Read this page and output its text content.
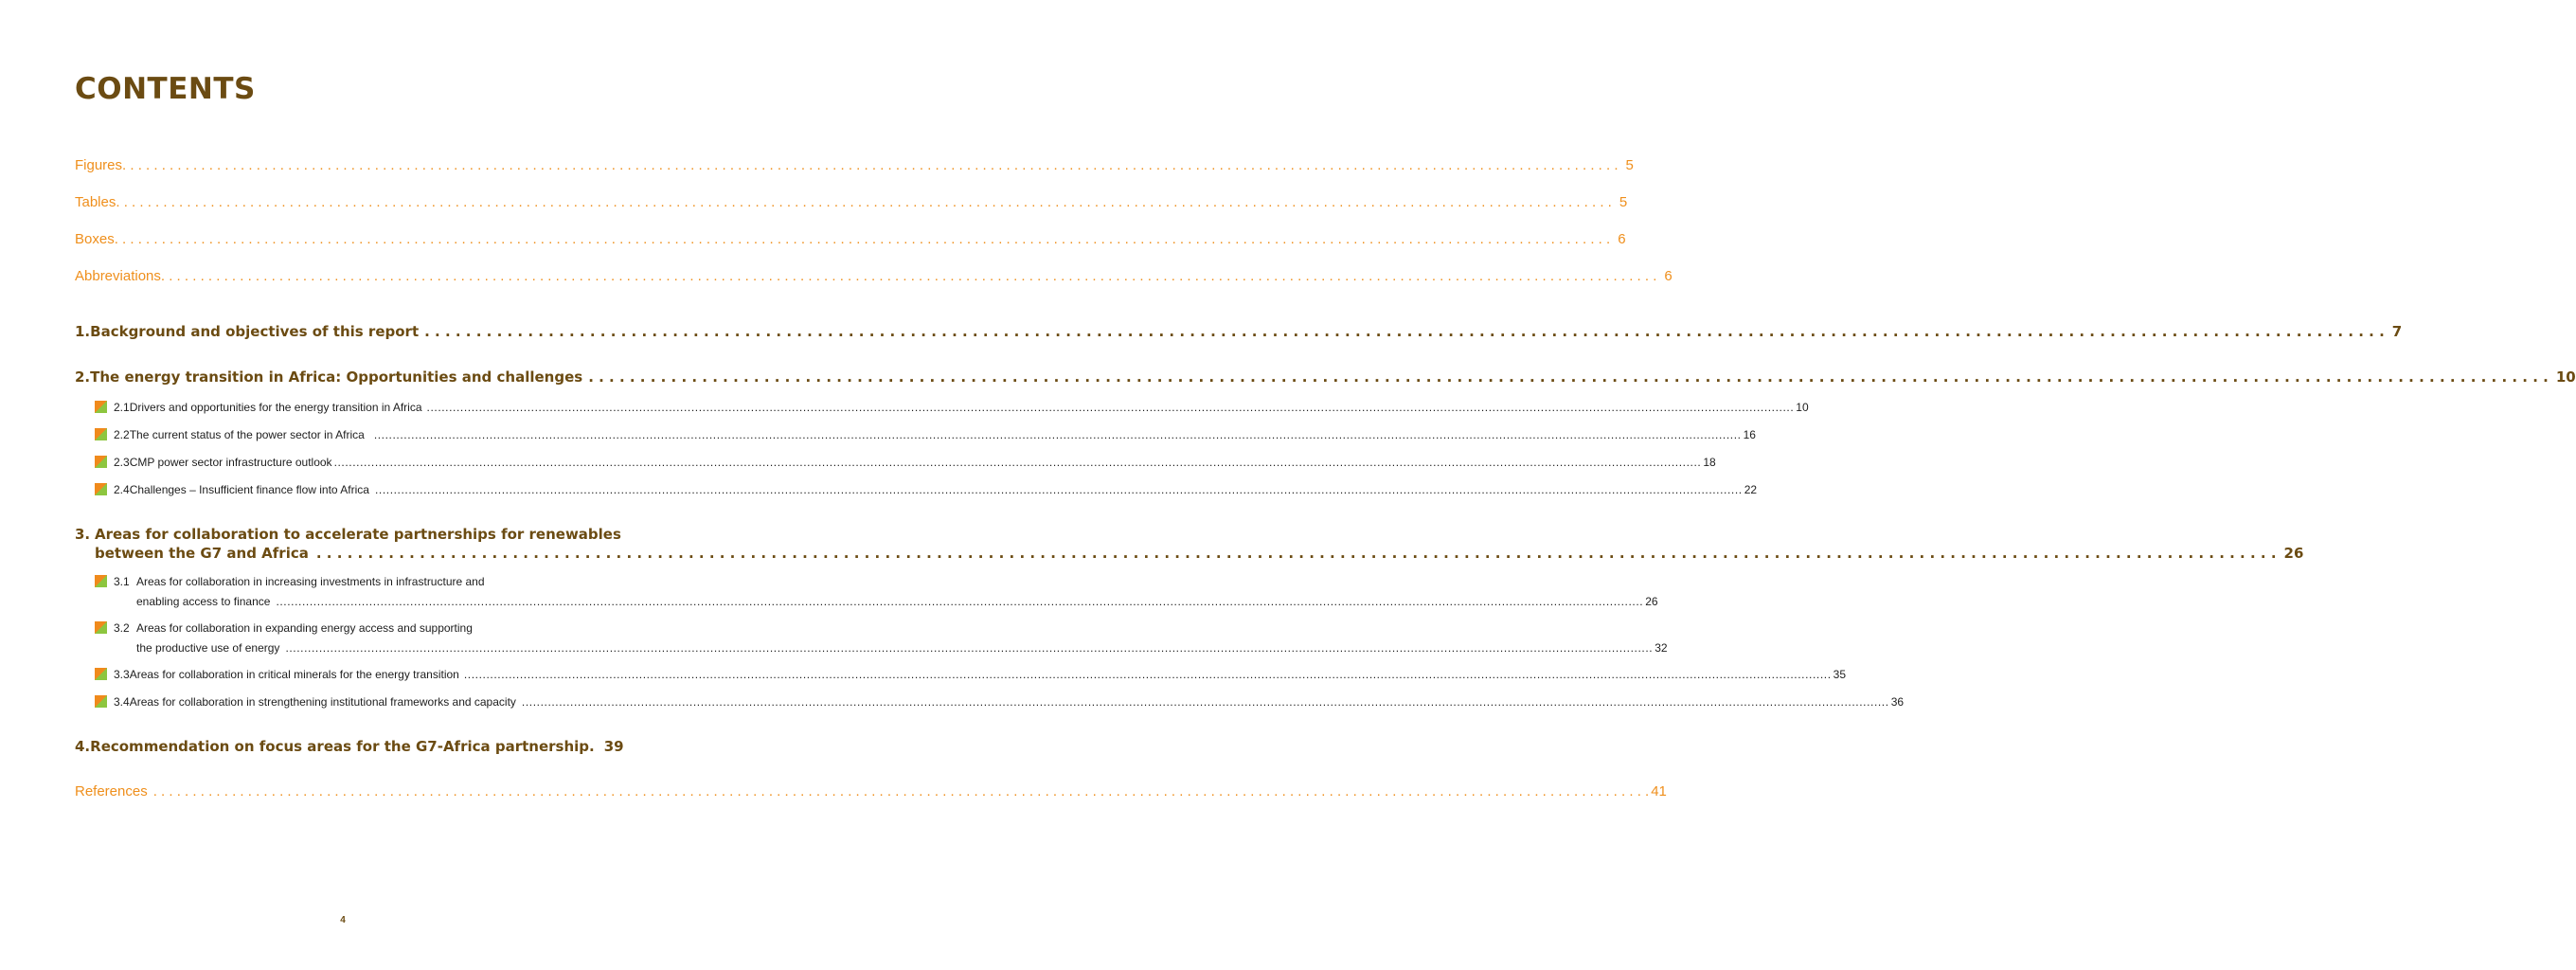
CONTENTS
Figures . . .	5
Tables . . .	5
Boxes . . .	6
Abbreviations . . .	6
1. Background and objectives of this report . . .	7
2. The energy transition in Africa: Opportunities and challenges . . .	10
2.1 Drivers and opportunities for the energy transition in Africa .....	10
2.2 The current status of the power sector in Africa .....	16
2.3 CMP power sector infrastructure outlook .....	18
2.4 Challenges – Insufficient finance flow into Africa .....	22
3. Areas for collaboration to accelerate partnerships for renewables
between the G7 and Africa . . .	26
3.1 Areas for collaboration in increasing investments in infrastructure and
enabling access to finance .....	26
3.2 Areas for collaboration in expanding energy access and supporting
the productive use of energy .....	32
3.3 Areas for collaboration in critical minerals for the energy transition .....	35
3.4 Areas for collaboration in strengthening institutional frameworks and capacity .....	36
4. Recommendation on focus areas for the G7-Africa partnership. . . . 39
References . . .	41
4
